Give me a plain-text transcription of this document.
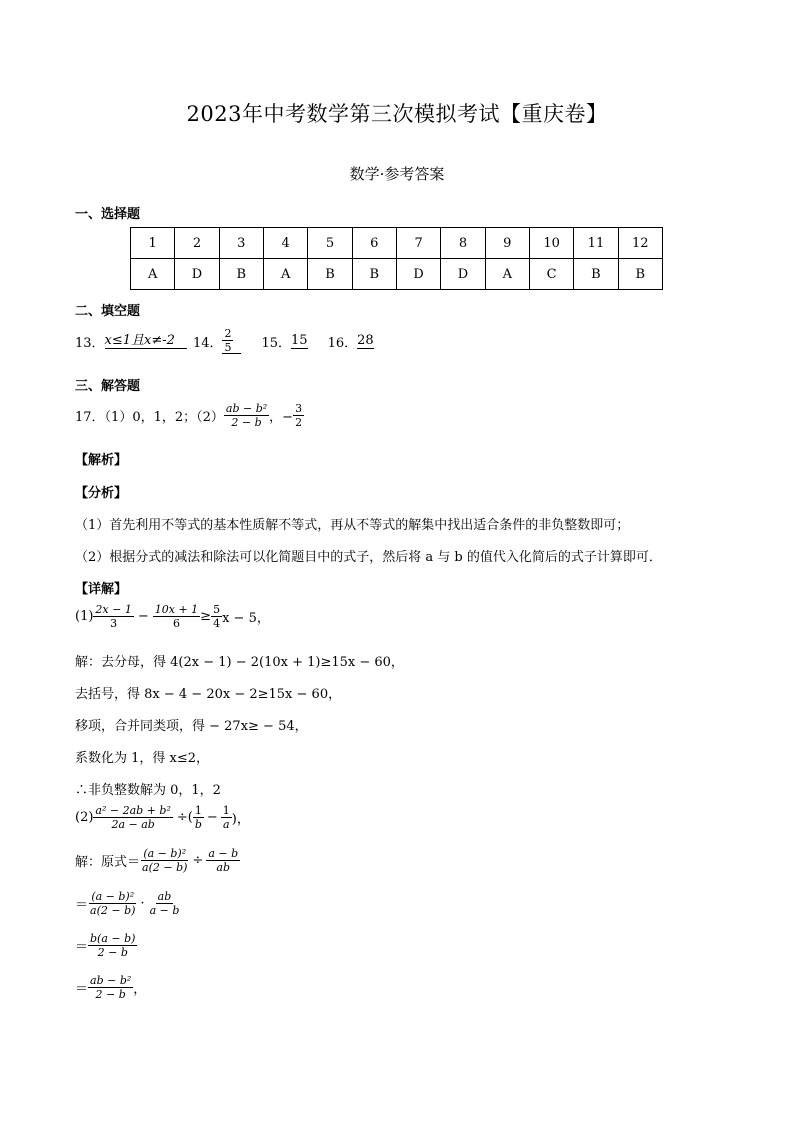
2023年中考数学第三次模拟考试【重庆卷】
数学·参考答案
一、选择题
1	2	3	4	5	6	7	8	9	10	11	12
A	D	B	A	B	B	D	D	A	C	B	B
二、填空题
13． x≤1且x≠-2	14． $\frac{2}{5} 15$． 15 16． 28
三、解答题
17．（1）0，1，2；$(2) \frac{\text{ab − b²}}{2 - b}$ ，− $\frac{3}{2}$
【解析】
【分析】
（1）首先利用不等式的基本性质解不等式，再从不等式的解集中找出适合条件的非负整数即可；
（2）根据分式的减法和除法可以化简题目中的式子，然后将 a 与 b 的值代入化简后的式子计算即可．
【详解】
$(1) \frac{2x - 1}{3} - \frac{10x + 1}{6} \ge \frac{5}{4}$ x − 5，
解：去分母，得 4(2x − 1) − 2(10x + 1)≥15x − 60，
去括号，得 8x − 4 − 20x − 2≥15x − 60，
移项，合并同类项，得 − 27x≥ − 54，
系数化为 1，得 x≤2，
∴非负整数解为 0，1，2
$(2) \frac{\text{a² − 2ab + b²}}{2a - ab}$ ÷( $\frac{1}{b} - \frac{1}{a}$ )，
解：原式＝ $\frac{\text{(a − b)²}}{a(2 - b)} \div \frac{a - b}{ab}$
＝ $\frac{\text{(a − b)²}}{a(2 - b)} \cdot \frac{ab}{a - b}$
＝ $\frac{b(a - b)}{2 - b}$
＝ $\frac{\text{ab − b²}}{2 - b}$ ，
